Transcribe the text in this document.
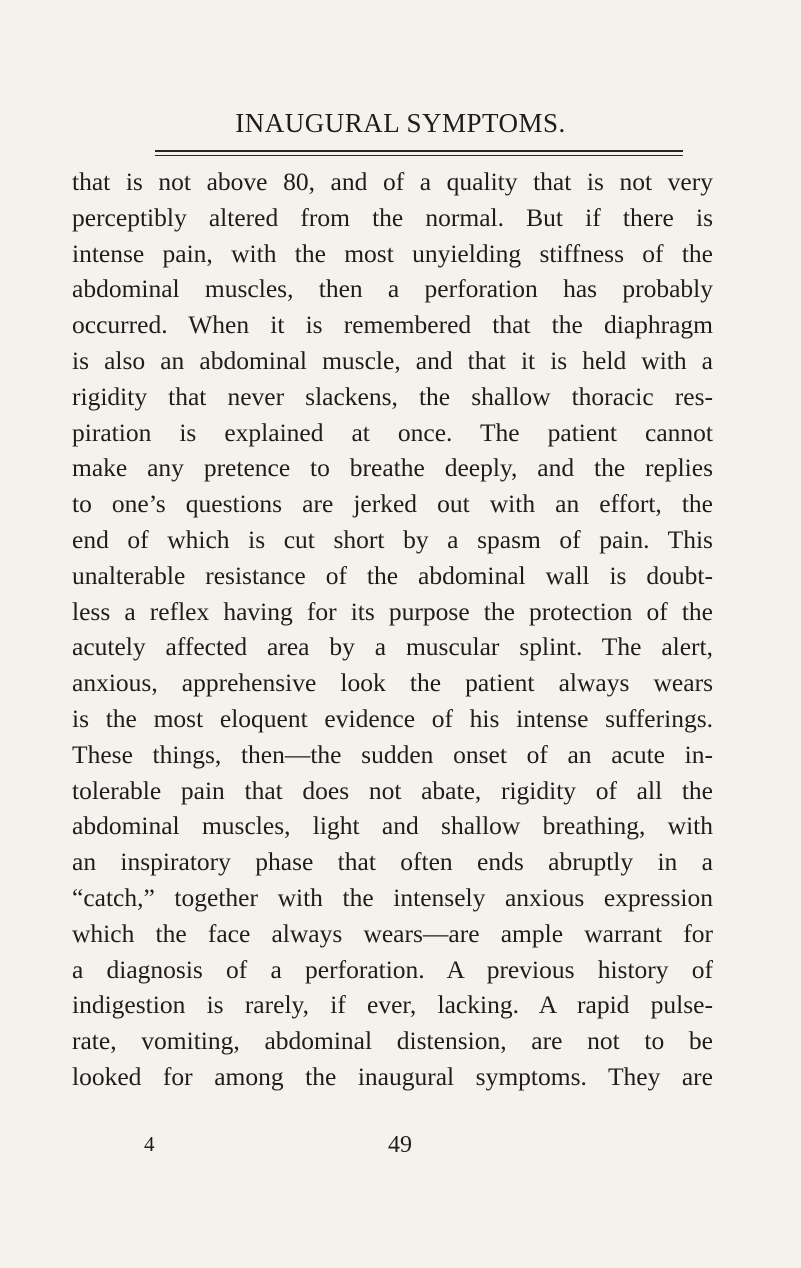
INAUGURAL SYMPTOMS.
that is not above 80, and of a quality that is not very
perceptibly altered from the normal. But if there is
intense pain, with the most unyielding stiffness of the
abdominal muscles, then a perforation has probably
occurred. When it is remembered that the diaphragm
is also an abdominal muscle, and that it is held with a
rigidity that never slackens, the shallow thoracic res-
piration is explained at once. The patient cannot
make any pretence to breathe deeply, and the replies
to one’s questions are jerked out with an effort, the
end of which is cut short by a spasm of pain. This
unalterable resistance of the abdominal wall is doubt-
less a reflex having for its purpose the protection of the
acutely affected area by a muscular splint. The alert,
anxious, apprehensive look the patient always wears
is the most eloquent evidence of his intense sufferings.
These things, then—the sudden onset of an acute in-
tolerable pain that does not abate, rigidity of all the
abdominal muscles, light and shallow breathing, with
an inspiratory phase that often ends abruptly in a
“catch,” together with the intensely anxious expression
which the face always wears—are ample warrant for
a diagnosis of a perforation. A previous history of
indigestion is rarely, if ever, lacking. A rapid pulse-
rate, vomiting, abdominal distension, are not to be
looked for among the inaugural symptoms. They are
4	49
